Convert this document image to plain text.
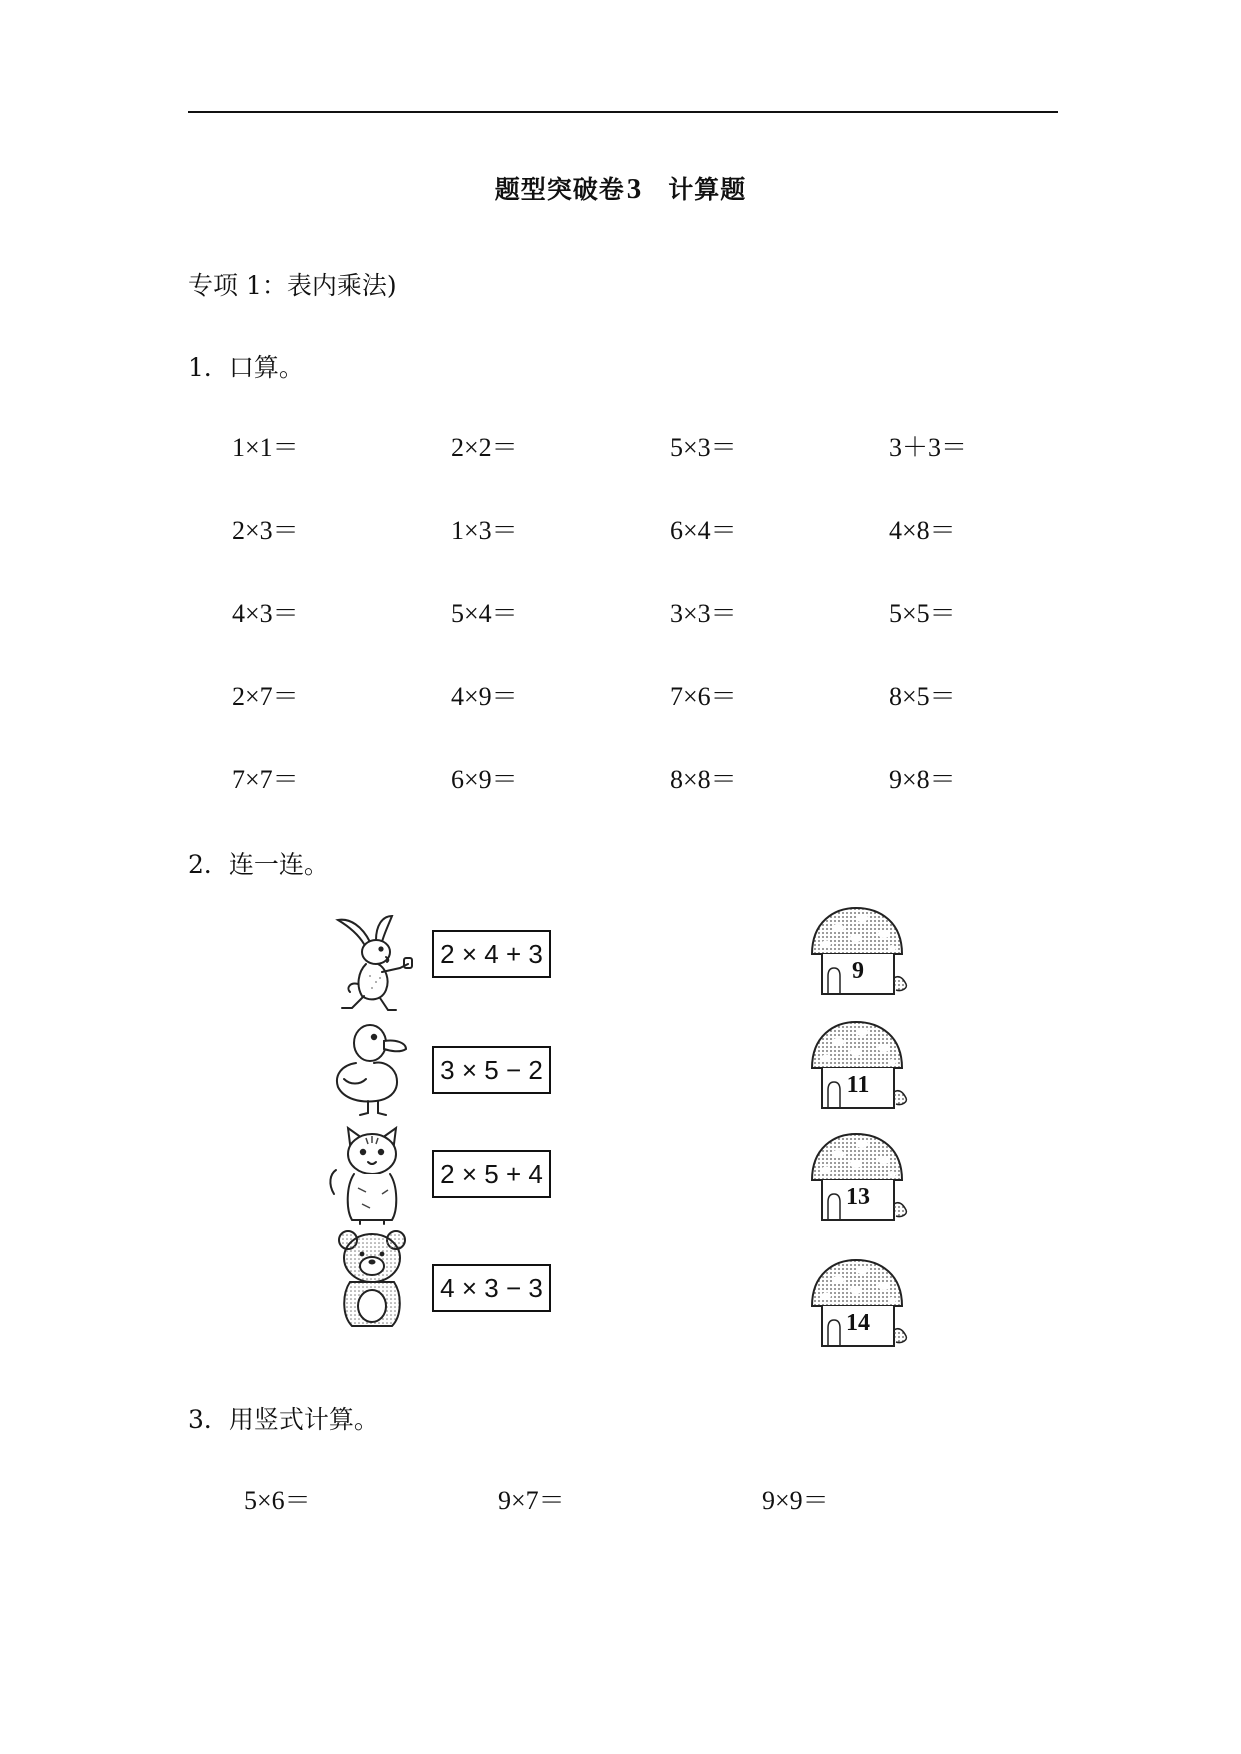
题型突破卷3 计算题
专项 1：表内乘法)
1．口算。
1×1＝	2×2＝	5×3＝	3＋3＝
2×3＝	1×3＝	6×4＝	4×8＝
4×3＝	5×4＝	3×3＝	5×5＝
2×7＝	4×9＝	7×6＝	8×5＝
7×7＝	6×9＝	8×8＝	9×8＝
2．连一连。
2 × 4 + 3
9
3 × 5 − 2
11
2 × 5 + 4
13
4 × 3 − 3
14
3．用竖式计算。
5×6＝	9×7＝	9×9＝
